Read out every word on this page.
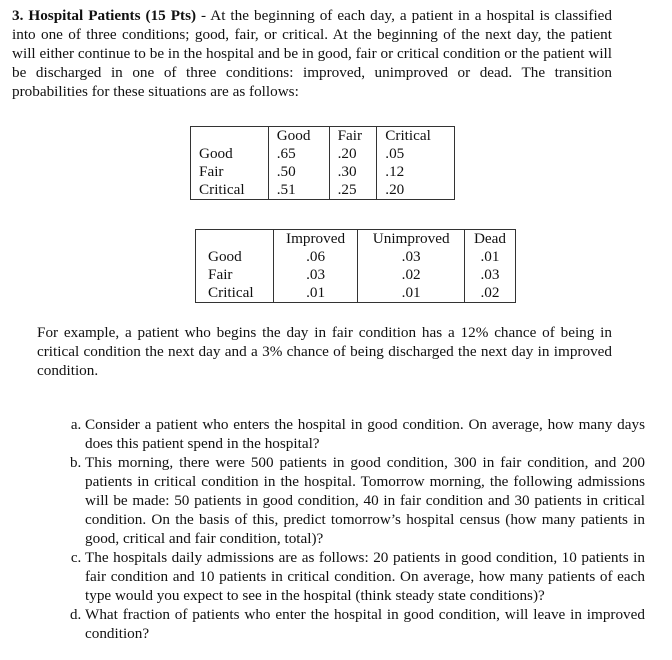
3. Hospital Patients (15 Pts) - At the beginning of each day, a patient in a hospital is classified into one of three conditions; good, fair, or critical. At the beginning of the next day, the patient will either continue to be in the hospital and be in good, fair or critical condition or the patient will be discharged in one of three conditions: improved, unimproved or dead. The transition probabilities for these situations are as follows:
	Good	Fair	Critical
Good	.65	.20	.05
Fair	.50	.30	.12
Critical	.51	.25	.20
	Improved	Unimproved	Dead
Good	.06	.03	.01
Fair	.03	.02	.03
Critical	.01	.01	.02
For example, a patient who begins the day in fair condition has a 12% chance of being in critical condition the next day and a 3% chance of being discharged the next day in improved condition.
a. Consider a patient who enters the hospital in good condition. On average, how many days does this patient spend in the hospital?
b. This morning, there were 500 patients in good condition, 300 in fair condition, and 200 patients in critical condition in the hospital. Tomorrow morning, the following admissions will be made: 50 patients in good condition, 40 in fair condition and 30 patients in critical condition. On the basis of this, predict tomorrow’s hospital census (how many patients in good, critical and fair condition, total)?
c. The hospitals daily admissions are as follows: 20 patients in good condition, 10 patients in fair condition and 10 patients in critical condition. On average, how many patients of each type would you expect to see in the hospital (think steady state conditions)?
d. What fraction of patients who enter the hospital in good condition, will leave in improved condition?
